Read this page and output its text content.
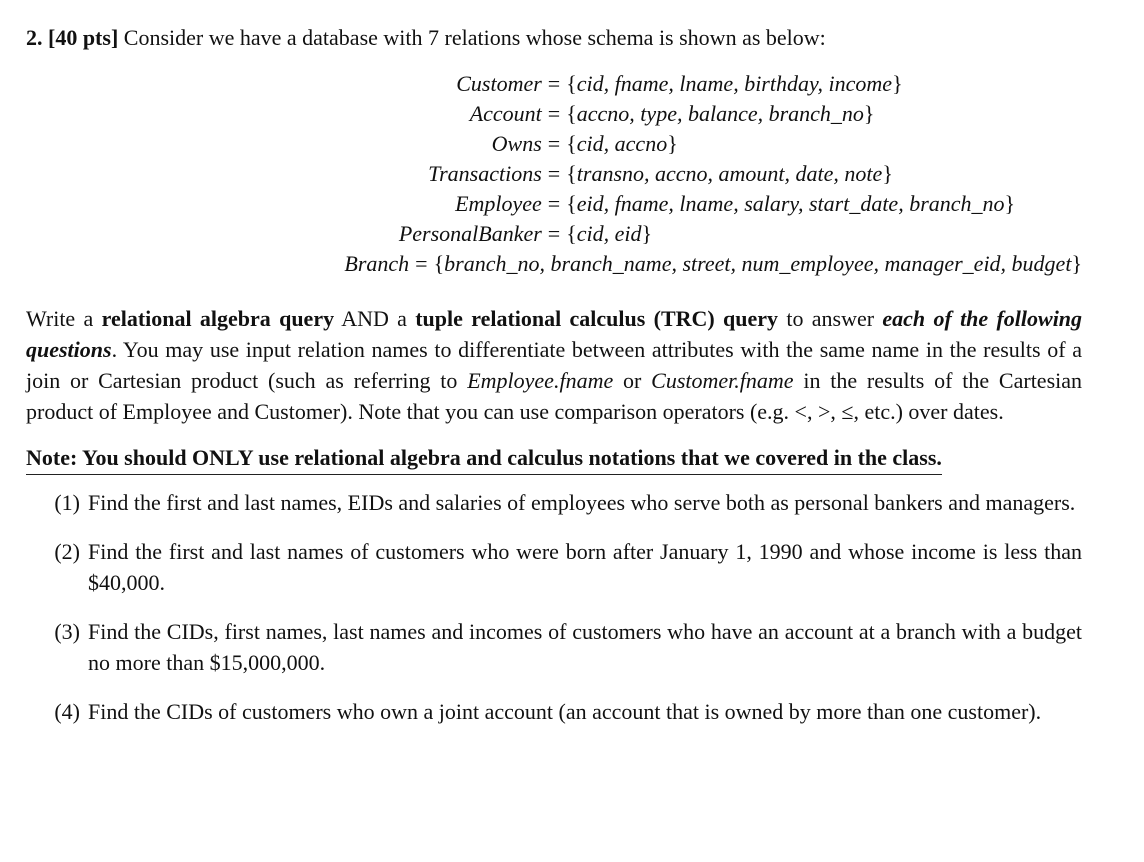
2. [40 pts] Consider we have a database with 7 relations whose schema is shown as below:

Customer = {cid, fname, lname, birthday, income}
Account = {accno, type, balance, branch_no}
Owns = {cid, accno}
Transactions = {transno, accno, amount, date, note}
Employee = {eid, fname, lname, salary, start_date, branch_no}
PersonalBanker = {cid, eid}
Branch = {branch_no, branch_name, street, num_employee, manager_eid, budget}

Write a relational algebra query AND a tuple relational calculus (TRC) query to answer each of the following questions. You may use input relation names to differentiate between attributes with the same name in the results of a join or Cartesian product (such as referring to Employee.fname or Customer.fname in the results of the Cartesian product of Employee and Customer). Note that you can use comparison operators (e.g. <, >, ≤, etc.) over dates.

Note: You should ONLY use relational algebra and calculus notations that we covered in the class.
(1) Find the first and last names, EIDs and salaries of employees who serve both as personal bankers and managers.
(2) Find the first and last names of customers who were born after January 1, 1990 and whose income is less than $40,000.
(3) Find the CIDs, first names, last names and incomes of customers who have an account at a branch with a budget no more than $15,000,000.
(4) Find the CIDs of customers who own a joint account (an account that is owned by more than one customer).
